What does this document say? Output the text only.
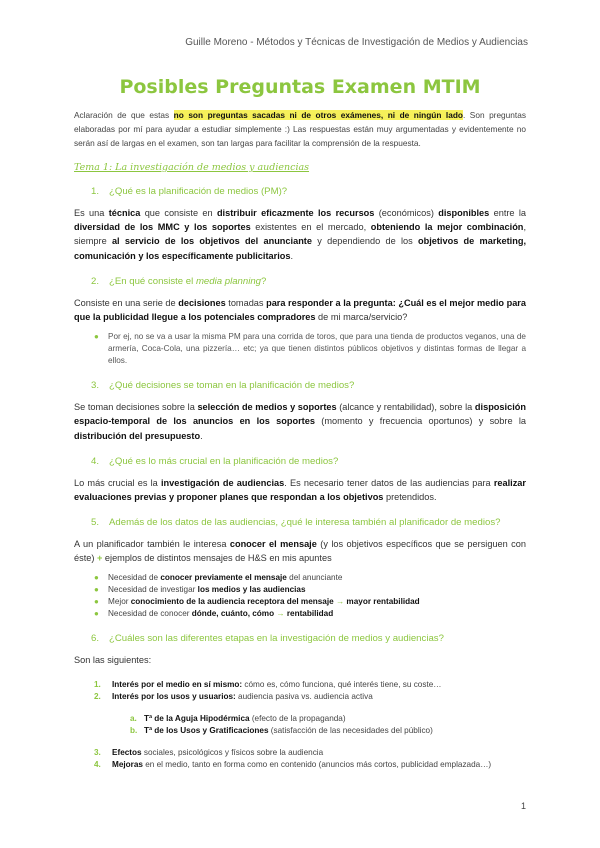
Guille Moreno - Métodos y Técnicas de Investigación de Medios y Audiencias
Posibles Preguntas Examen MTIM

Aclaración de que estas no son preguntas sacadas ni de otros exámenes, ni de ningún lado. Son preguntas elaboradas por mí para ayudar a estudiar simplemente :) Las respuestas están muy argumentadas y evidentemente no serán así de largas en el examen, son tan largas para facilitar la comprensión de la respuesta.

Tema 1: La investigación de medios y audiencias
1.	¿Qué es la planificación de medios (PM)?

Es una técnica que consiste en distribuir eficazmente los recursos (económicos) disponibles entre la diversidad de los MMC y los soportes existentes en el mercado, obteniendo la mejor combinación, siempre al servicio de los objetivos del anunciante y dependiendo de los objetivos de marketing, comunicación y los específicamente publicitarios.

2.	¿En qué consiste el media planning?

Consiste en una serie de decisiones tomadas para responder a la pregunta: ¿Cuál es el mejor medio para que la publicidad llegue a los potenciales compradores de mi marca/servicio?

●	Por ej, no se va a usar la misma PM para una corrida de toros, que para una tienda de productos veganos, una de armería, Coca-Cola, una pizzería… etc; ya que tienen distintos públicos objetivos y distintas formas de llegar a ellos.
3.	¿Qué decisiones se toman en la planificación de medios?

Se toman decisiones sobre la selección de medios y soportes (alcance y rentabilidad), sobre la disposición espacio-temporal de los anuncios en los soportes (momento y frecuencia oportunos) y sobre la distribución del presupuesto.

4.	¿Qué es lo más crucial en la planificación de medios?

Lo más crucial es la investigación de audiencias. Es necesario tener datos de las audiencias para realizar evaluaciones previas y proponer planes que respondan a los objetivos pretendidos.

5.	Además de los datos de las audiencias, ¿qué le interesa también al planificador de medios?

A un planificador también le interesa conocer el mensaje (y los objetivos específicos que se persiguen con éste) + ejemplos de distintos mensajes de H&S en mis apuntes

●	Necesidad de conocer previamente el mensaje del anunciante
●	Necesidad de investigar los medios y las audiencias
●	Mejor conocimiento de la audiencia receptora del mensaje → mayor rentabilidad
●	Necesidad de conocer dónde, cuánto, cómo → rentabilidad
6.	¿Cuáles son las diferentes etapas en la investigación de medios y audiencias?

Son las siguientes:

1.	Interés por el medio en sí mismo: cómo es, cómo funciona, qué interés tiene, su coste…
2.	Interés por los usos y usuarios: audiencia pasiva vs. audiencia activa
a. Tª de la Aguja Hipodérmica (efecto de la propaganda)
b. Tª de los Usos y Gratificaciones (satisfacción de las necesidades del público)
3.	Efectos sociales, psicológicos y físicos sobre la audiencia
4.	Mejoras en el medio, tanto en forma como en contenido (anuncios más cortos, publicidad emplazada…)
1
